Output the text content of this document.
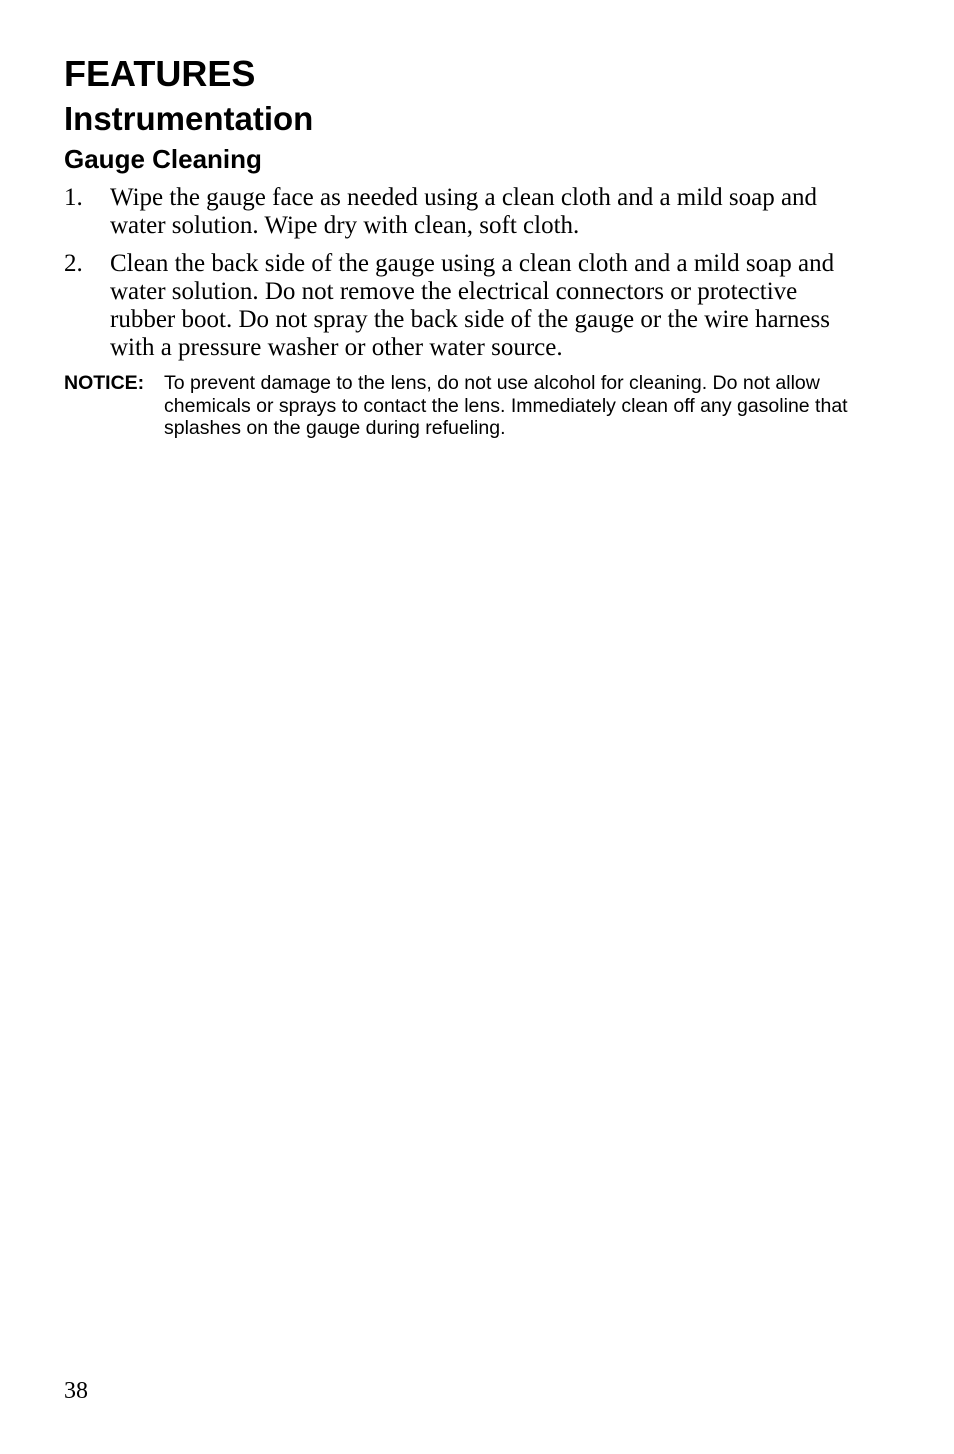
FEATURES
Instrumentation
Gauge Cleaning
1. Wipe the gauge face as needed using a clean cloth and a mild soap and water solution. Wipe dry with clean, soft cloth.
2. Clean the back side of the gauge using a clean cloth and a mild soap and water solution. Do not remove the electrical connectors or protective rubber boot. Do not spray the back side of the gauge or the wire harness with a pressure washer or other water source.
NOTICE: To prevent damage to the lens, do not use alcohol for cleaning. Do not allow chemicals or sprays to contact the lens. Immediately clean off any gasoline that splashes on the gauge during refueling.
38
